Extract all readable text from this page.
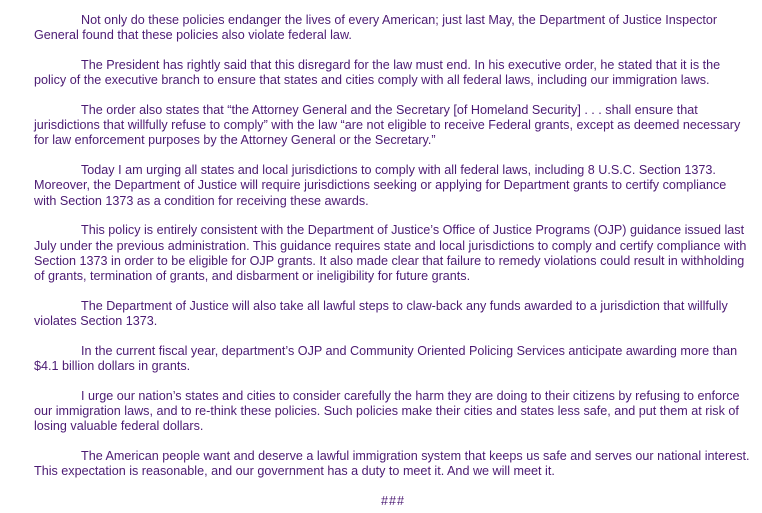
Not only do these policies endanger the lives of every American; just last May, the Department of Justice Inspector General found that these policies also violate federal law.

The President has rightly said that this disregard for the law must end. In his executive order, he stated that it is the policy of the executive branch to ensure that states and cities comply with all federal laws, including our immigration laws.

The order also states that “the Attorney General and the Secretary [of Homeland Security] . . . shall ensure that jurisdictions that willfully refuse to comply” with the law “are not eligible to receive Federal grants, except as deemed necessary for law enforcement purposes by the Attorney General or the Secretary.”

Today I am urging all states and local jurisdictions to comply with all federal laws, including 8 U.S.C. Section 1373. Moreover, the Department of Justice will require jurisdictions seeking or applying for Department grants to certify compliance with Section 1373 as a condition for receiving these awards.

This policy is entirely consistent with the Department of Justice’s Office of Justice Programs (OJP) guidance issued last July under the previous administration. This guidance requires state and local jurisdictions to comply and certify compliance with Section 1373 in order to be eligible for OJP grants. It also made clear that failure to remedy violations could result in withholding of grants, termination of grants, and disbarment or ineligibility for future grants.

The Department of Justice will also take all lawful steps to claw-back any funds awarded to a jurisdiction that willfully violates Section 1373.

In the current fiscal year, department’s OJP and Community Oriented Policing Services anticipate awarding more than $4.1 billion dollars in grants.

I urge our nation’s states and cities to consider carefully the harm they are doing to their citizens by refusing to enforce our immigration laws, and to re-think these policies. Such policies make their cities and states less safe, and put them at risk of losing valuable federal dollars.

The American people want and deserve a lawful immigration system that keeps us safe and serves our national interest. This expectation is reasonable, and our government has a duty to meet it. And we will meet it.

###
